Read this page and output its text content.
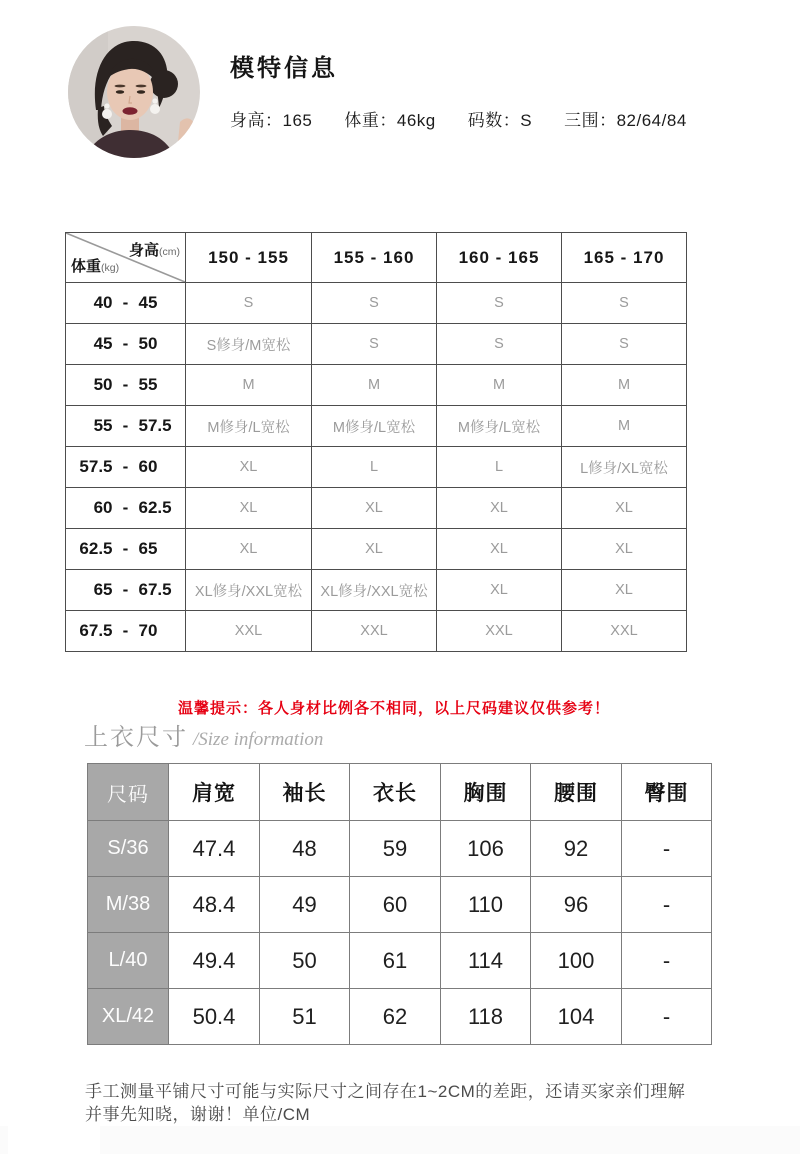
模特信息
身高：165 体重：46kg 码数：S 三围：82/64/84
身高(cm)
体重(kg)	150 - 155	155 - 160	160 - 165	165 - 170
40 - 45	S	S	S	S
45 - 50	S修身/M宽松	S	S	S
50 - 55	M	M	M	M
55 - 57.5	M修身/L宽松	M修身/L宽松	M修身/L宽松	M
57.5 - 60	XL	L	L	L修身/XL宽松
60 - 62.5	XL	XL	XL	XL
62.5 - 65	XL	XL	XL	XL
65 - 67.5	XL修身/XXL宽松	XL修身/XXL宽松	XL	XL
67.5 - 70	XXL	XXL	XXL	XXL
温馨提示：各人身材比例各不相同，以上尺码建议仅供参考！
上衣尺寸 /Size information
尺码	肩宽	袖长	衣长	胸围	腰围	臀围
S/36	47.4	48	59	106	92	-
M/38	48.4	49	60	110	96	-
L/40	49.4	50	61	114	100	-
XL/42	50.4	51	62	118	104	-
手工测量平铺尺寸可能与实际尺寸之间存在1~2CM的差距，还请买家亲们理解
并事先知晓，谢谢！单位/CM
